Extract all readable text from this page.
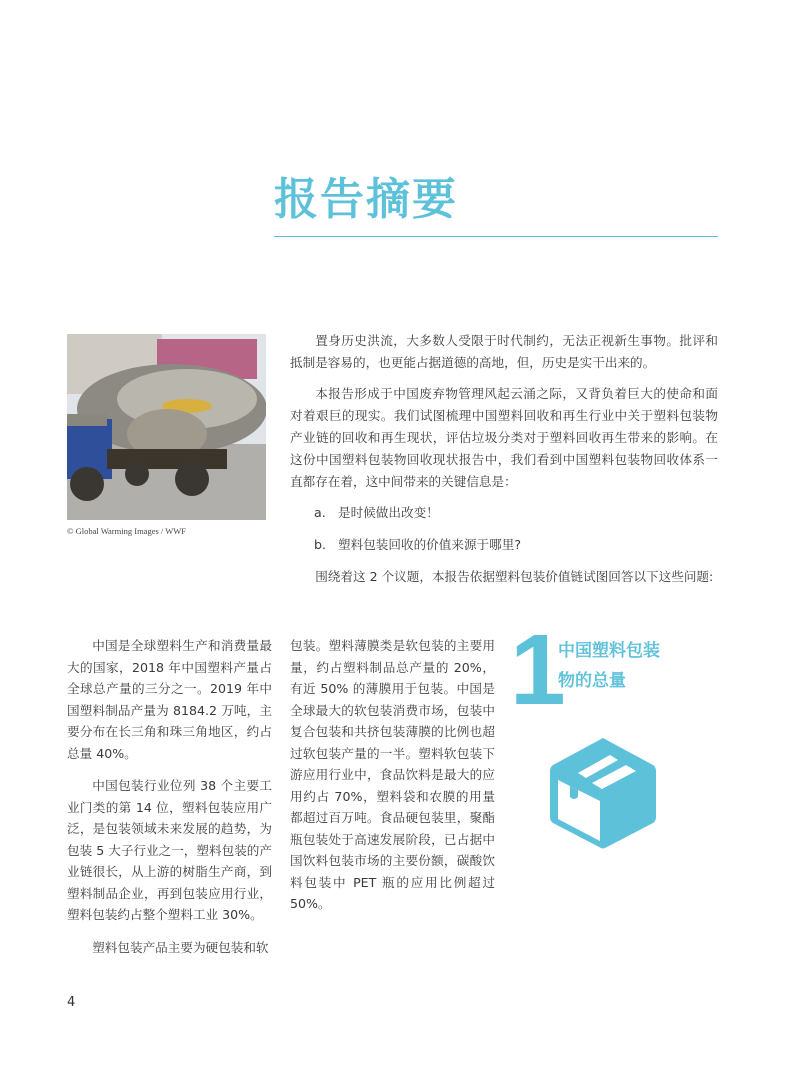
报告摘要
© Global Warming Images / WWF

置身历史洪流，大多数人受限于时代制约，无法正视新生事物。批评和抵制是容易的，也更能占据道德的高地，但，历史是实干出来的。

本报告形成于中国废弃物管理风起云涌之际，又背负着巨大的使命和面对着艰巨的现实。我们试图梳理中国塑料回收和再生行业中关于塑料包装物产业链的回收和再生现状，评估垃圾分类对于塑料回收再生带来的影响。在这份中国塑料包装物回收现状报告中，我们看到中国塑料包装物回收体系一直都存在着，这中间带来的关键信息是：

a. 是时候做出改变！

b. 塑料包装回收的价值来源于哪里?

围绕着这 2 个议题，本报告依据塑料包装价值链试图回答以下这些问题:

中国是全球塑料生产和消费量最大的国家，2018 年中国塑料产量占全球总产量的三分之一。2019 年中国塑料制品产量为 8184.2 万吨，主要分布在长三角和珠三角地区，约占总量 40%。

中国包装行业位列 38 个主要工业门类的第 14 位，塑料包装应用广泛，是包装领域未来发展的趋势，为包装 5 大子行业之一，塑料包装的产业链很长，从上游的树脂生产商，到塑料制品企业，再到包装应用行业，塑料包装约占整个塑料工业 30%。

塑料包装产品主要为硬包装和软

包装。塑料薄膜类是软包装的主要用量，约占塑料制品总产量的 20%，有近 50% 的薄膜用于包装。中国是全球最大的软包装消费市场，包装中复合包装和共挤包装薄膜的比例也超过软包装产量的一半。塑料软包装下游应用行业中，食品饮料是最大的应用约占 70%，塑料袋和农膜的用量都超过百万吨。食品硬包装里，聚酯瓶包装处于高速发展阶段，已占据中国饮料包装市场的主要份额，碳酸饮料包装中 PET 瓶的应用比例超过 50%。

1
中国塑料包装
物的总量
4
